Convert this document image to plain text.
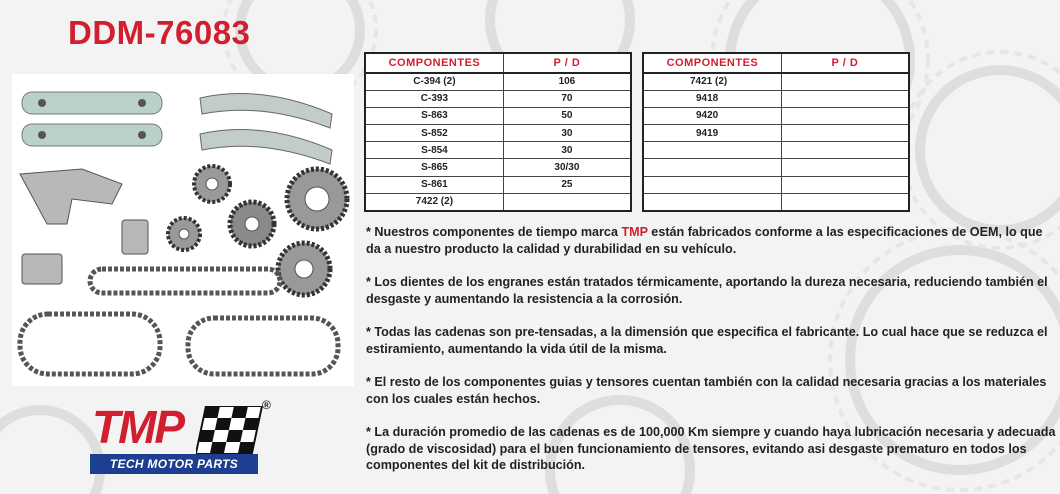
DDM-76083
COMPONENTES	P / D
C-394 (2)	106
C-393	70
S-863	50
S-852	30
S-854	30
S-865	30/30
S-861	25
7422 (2)	
COMPONENTES	P / D
7421 (2)	
9418	
9420	
9419	

* Nuestros componentes de tiempo marca TMP están fabricados conforme a las especificaciones de OEM, lo que da a nuestro producto la calidad y durabilidad en su vehículo.

* Los dientes de los engranes están tratados térmicamente, aportando la dureza necesaria, reduciendo también el desgaste y aumentando la resistencia a la corrosión.

* Todas las cadenas son pre-tensadas, a la dimensión que especifica el fabricante. Lo cual hace que se reduzca el estiramiento, aumentando la vida útil de la misma.

* El resto de los componentes guias y tensores cuentan también con la calidad necesaria gracias a los materiales con los cuales están hechos.

* La duración promedio de las cadenas es de 100,000 Km siempre y cuando haya lubricación necesaria y adecuada (grado de viscosidad) para el buen funcionamiento de tensores, evitando asi desgaste prematuro en todos los componentes del kit de distribución.

TMP	®
TECH MOTOR PARTS
